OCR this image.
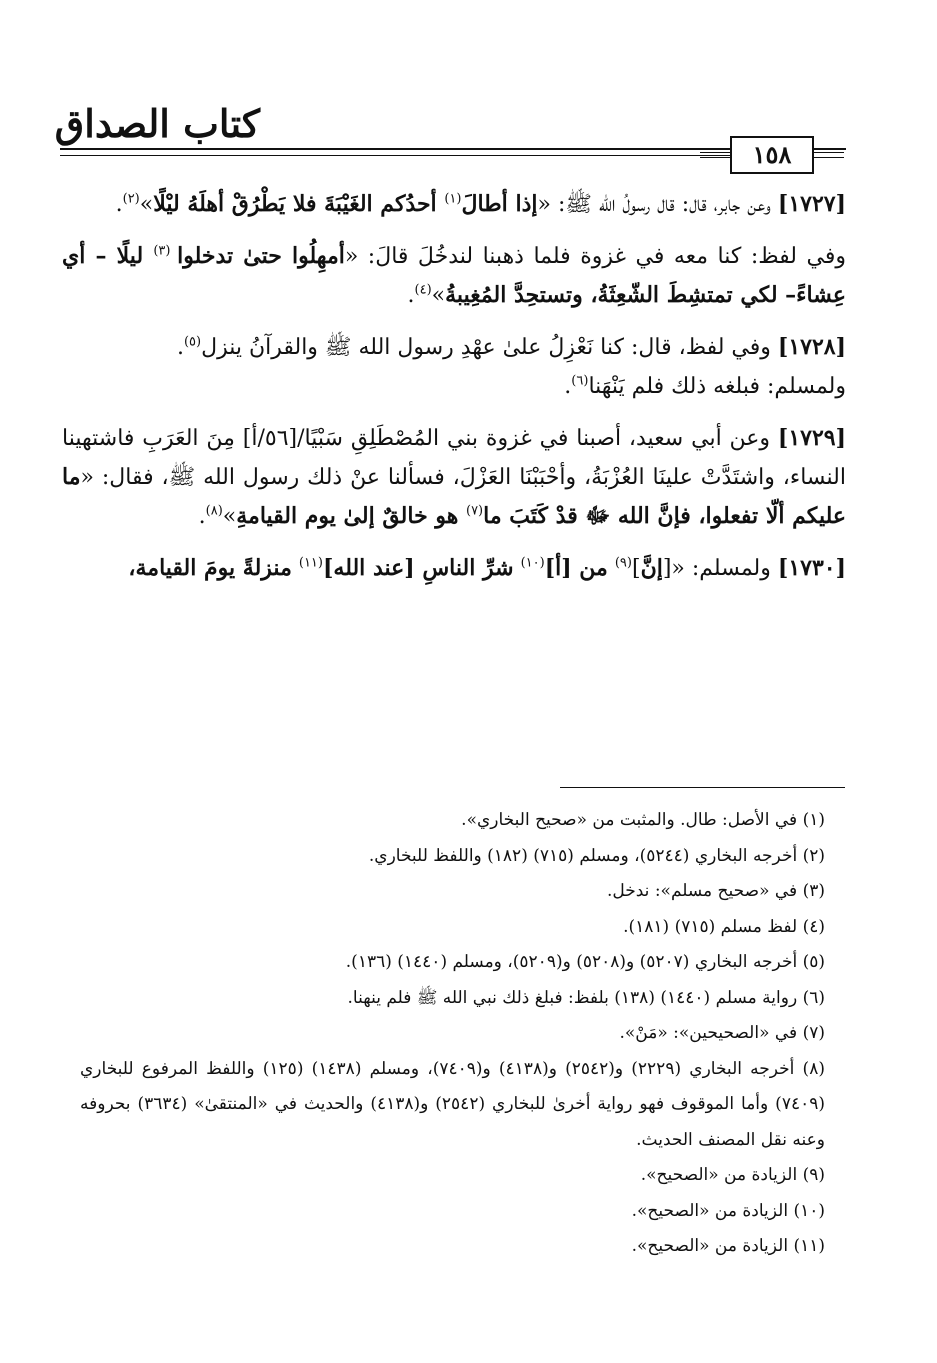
كتاب الصداق
١٥٨

[١٧٢٧] وعن جابر، قال: قال رسولُ الله ﷺ: «إذا أطالَ$^{(١)}$ أحدُكم الغَيْبَةَ فلا يَطْرُقْ أهلَهُ ليْلًا»$^{(٢)}$.

وفي لفظ: كنا معه في غزوة فلما ذهبنا لندخُلَ قالَ: «أمهِلُوا حتىٰ تدخلوا $^{(٣)}$ ليلًا – أي عِشاءً– لكي تمتشِطَ الشّعِثَةُ، وتستحِدَّ المُغِيبةُ»$^{(٤)}$.

[١٧٢٨] وفي لفظ، قال: كنا نَعْزِلُ علىٰ عهْدِ رسول الله ﷺ والقرآنُ ينزل$^{(٥)}$.
ولمسلم: فبلغه ذلك فلم يَنْهَنا$^{(٦)}$.

[١٧٢٩] وعن أبي سعيد، أصبنا في غزوة بني المُصْطَلِقِ سَبْيًا/[٥٦/أ] مِنَ العَرَبِ فاشتهينا النساء، واشتَدَّتْ علينَا العُزْبَةُ، وأحْبَبْنَا العَزْلَ، فسألنا عنْ ذلك رسول الله ﷺ، فقال: «ما عليكم ألّا تفعلوا، فإنَّ الله ﷻ قدْ كَتَبَ ما$^{(٧)}$ هو خالقٌ إلىٰ يوم القيامةِ»$^{(٨)}$.

[١٧٣٠] ولمسلم: «[إنَّ]$^{(٩)}$ من [أ]$^{(١٠)}$ شرِّ الناسِ [عند الله]$^{(١١)}$ منزلةً يومَ القيامة،

(١) في الأصل: طال. والمثبت من «صحيح البخاري».

(٢) أخرجه البخاري (٥٢٤٤)، ومسلم (٧١٥) (١٨٢) واللفظ للبخاري.

(٣) في «صحيح مسلم»: ندخل.

(٤) لفظ مسلم (٧١٥) (١٨١).

(٥) أخرجه البخاري (٥٢٠٧) و(٥٢٠٨) و(٥٢٠٩)، ومسلم (١٤٤٠) (١٣٦).

(٦) رواية مسلم (١٤٤٠) (١٣٨) بلفظ: فبلغ ذلك نبي الله ﷺ فلم ينهنا.

(٧) في «الصحيحين»: «مَنْ».

(٨) أخرجه البخاري (٢٢٢٩) و(٢٥٤٢) و(٤١٣٨) و(٧٤٠٩)، ومسلم (١٤٣٨) (١٢٥) واللفظ المرفوع للبخاري (٧٤٠٩) وأما الموقوف فهو رواية أخرىٰ للبخاري (٢٥٤٢) و(٤١٣٨) والحديث في «المنتقىٰ» (٣٦٣٤) بحروفه وعنه نقل المصنف الحديث.

(٩) الزيادة من «الصحيح».

(١٠) الزيادة من «الصحيح».

(١١) الزيادة من «الصحيح».
